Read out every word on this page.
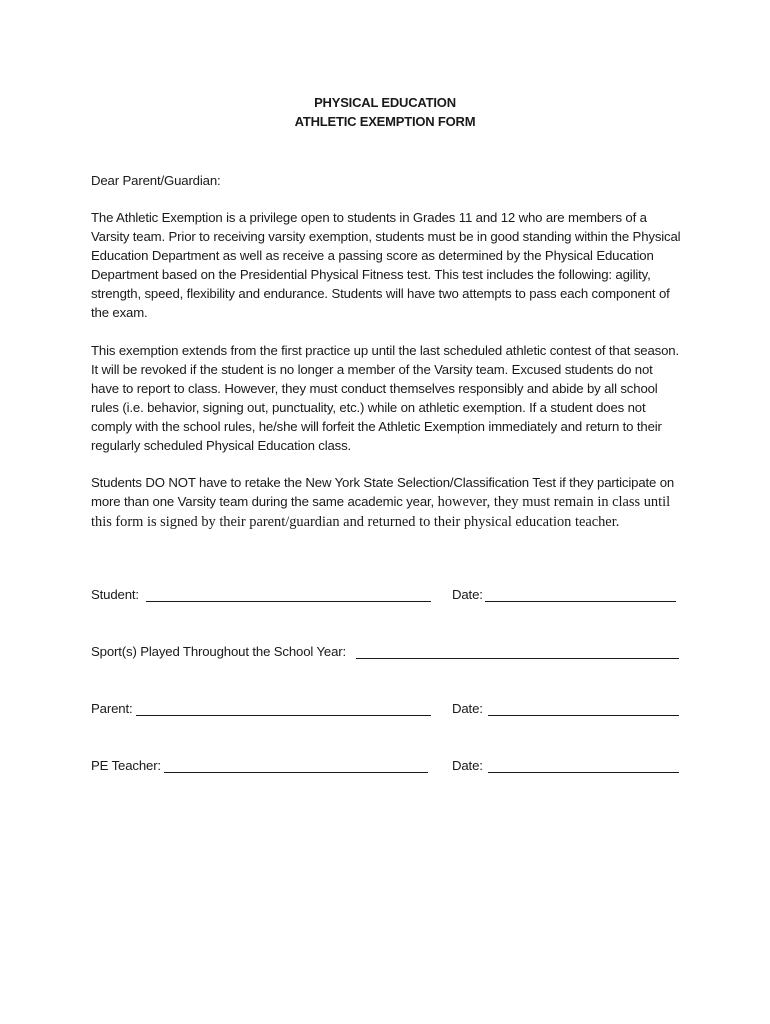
PHYSICAL EDUCATION
ATHLETIC EXEMPTION FORM
Dear Parent/Guardian:
The Athletic Exemption is a privilege open to students in Grades 11 and 12 who are members of a Varsity team. Prior to receiving varsity exemption, students must be in good standing within the Physical Education Department as well as receive a passing score as determined by the Physical Education Department based on the Presidential Physical Fitness test. This test includes the following: agility, strength, speed, flexibility and endurance. Students will have two attempts to pass each component of the exam.
This exemption extends from the first practice up until the last scheduled athletic contest of that season. It will be revoked if the student is no longer a member of the Varsity team. Excused students do not have to report to class. However, they must conduct themselves responsibly and abide by all school rules (i.e. behavior, signing out, punctuality, etc.) while on athletic exemption. If a student does not comply with the school rules, he/she will forfeit the Athletic Exemption immediately and return to their regularly scheduled Physical Education class.
Students DO NOT have to retake the New York State Selection/Classification Test if they participate on more than one Varsity team during the same academic year, however, they must remain in class until this form is signed by their parent/guardian and returned to their physical education teacher.
Student:	Date:
Sport(s) Played Throughout the School Year:
Parent:	Date:
PE Teacher:	Date:
